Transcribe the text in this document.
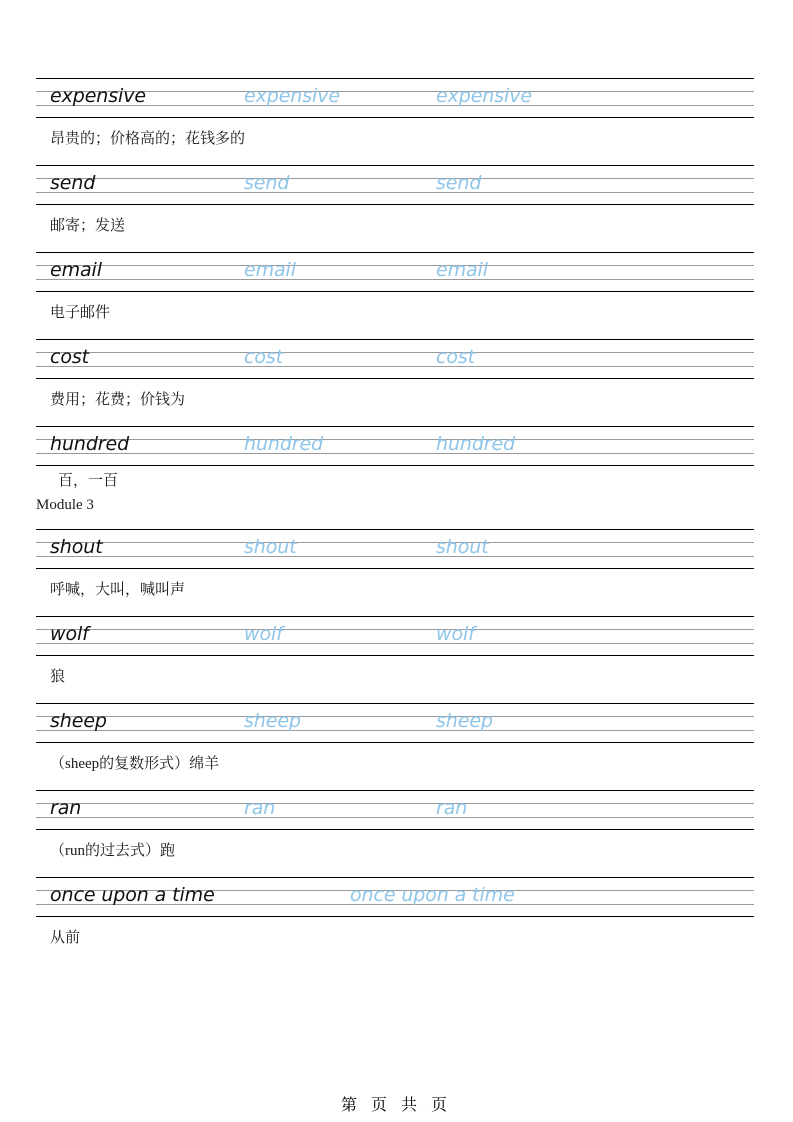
expensive	expensive	expensive
昂贵的；价格高的；花钱多的
send	send	send
邮寄；发送
email	email	email
电子邮件
cost	cost	cost
费用；花费；价钱为
hundred	hundred	hundred
百，一百
Module 3
shout	shout	shout
呼喊，大叫，喊叫声
wolf	wolf	wolf
狼
sheep	sheep	sheep
（sheep的复数形式）绵羊
ran	ran	ran
（run的过去式）跑
once upon a time	once upon a time
从前
第 页 共 页
